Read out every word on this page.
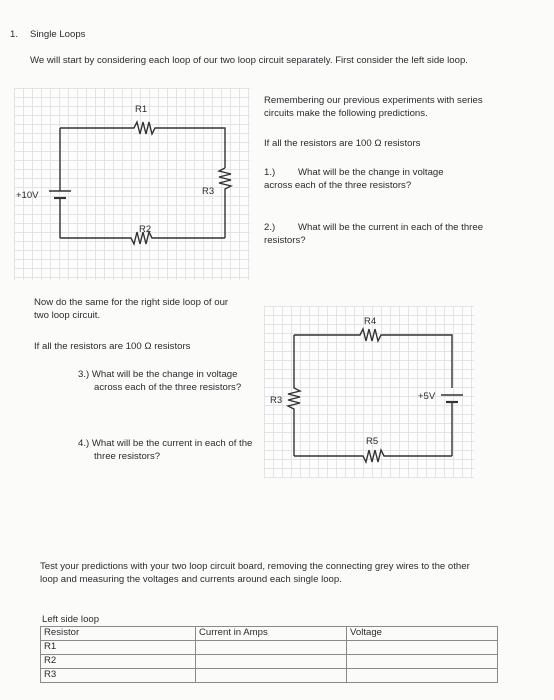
1. Single Loops
We will start by considering each loop of our two loop circuit separately. First consider the left side loop.
R1
R3
R2
+10V
Remembering our previous experiments with series circuits make the following predictions.
If all the resistors are 100 Ω resistors
1.)	What will be the change in voltage across each of the three resistors?
2.)	What will be the current in each of the three resistors?
Now do the same for the right side loop of our two loop circuit.
If all the resistors are 100 Ω resistors
3.) What will be the change in voltage across each of the three resistors?
4.) What will be the current in each of the three resistors?
R4
R3
R5
+5V
Test your predictions with your two loop circuit board, removing the connecting grey wires to the other loop and measuring the voltages and currents around each single loop.
Left side loop
Resistor	Current in Amps	Voltage
R1		
R2		
R3		
